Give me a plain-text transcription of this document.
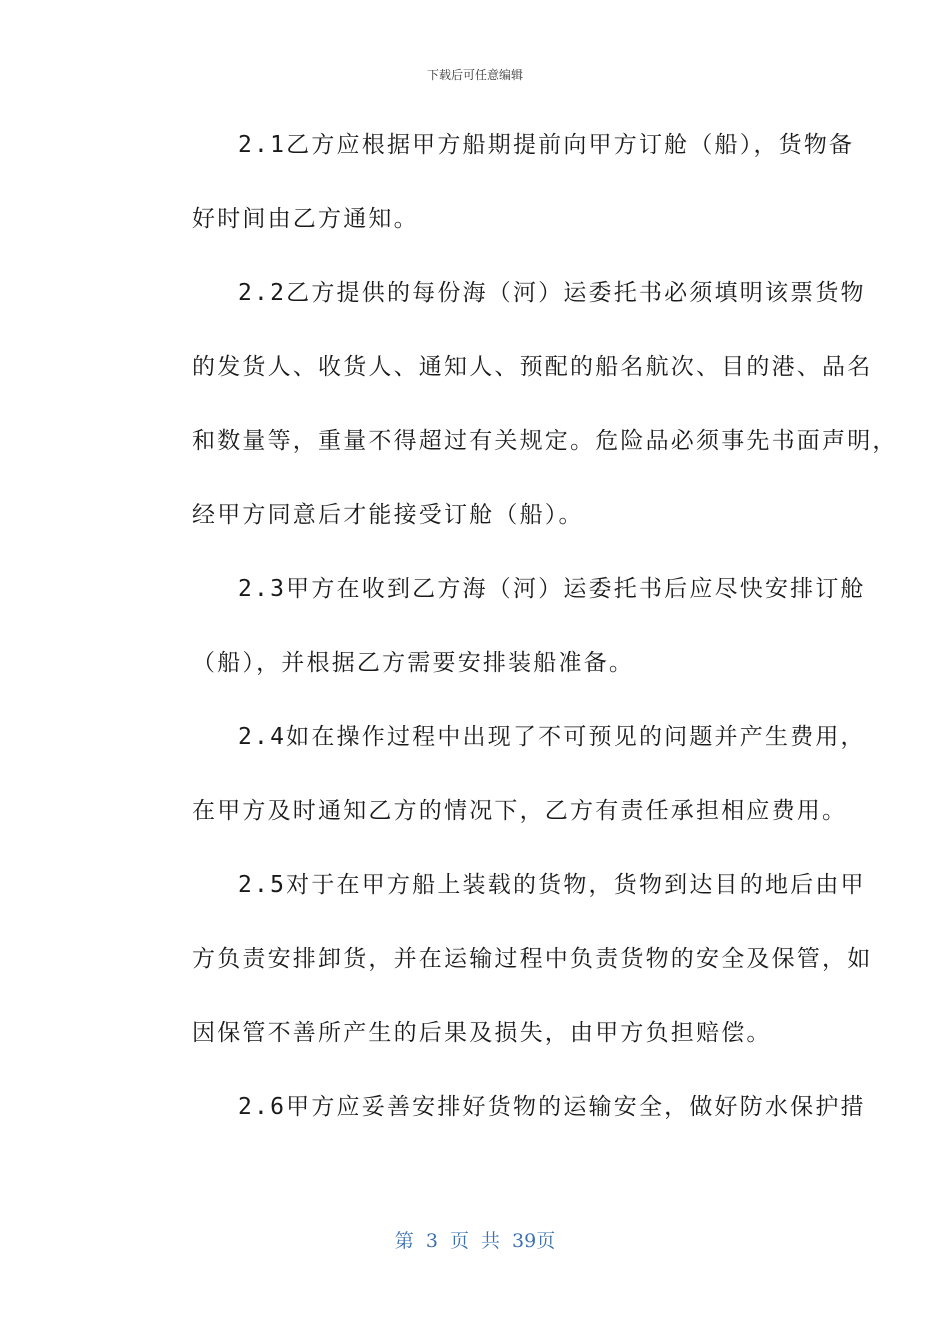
下载后可任意编辑
2.1乙方应根据甲方船期提前向甲方订舱（船），货物备
好时间由乙方通知。
2.2乙方提供的每份海（河）运委托书必须填明该票货物
的发货人、收货人、通知人、预配的船名航次、目的港、品名
和数量等，重量不得超过有关规定。危险品必须事先书面声明，
经甲方同意后才能接受订舱（船）。
2.3甲方在收到乙方海（河）运委托书后应尽快安排订舱
（船），并根据乙方需要安排装船准备。
2.4如在操作过程中出现了不可预见的问题并产生费用，
在甲方及时通知乙方的情况下，乙方有责任承担相应费用。
2.5对于在甲方船上装载的货物，货物到达目的地后由甲
方负责安排卸货，并在运输过程中负责货物的安全及保管，如
因保管不善所产生的后果及损失，由甲方负担赔偿。
2.6甲方应妥善安排好货物的运输安全，做好防水保护措
第 3 页 共 39页
